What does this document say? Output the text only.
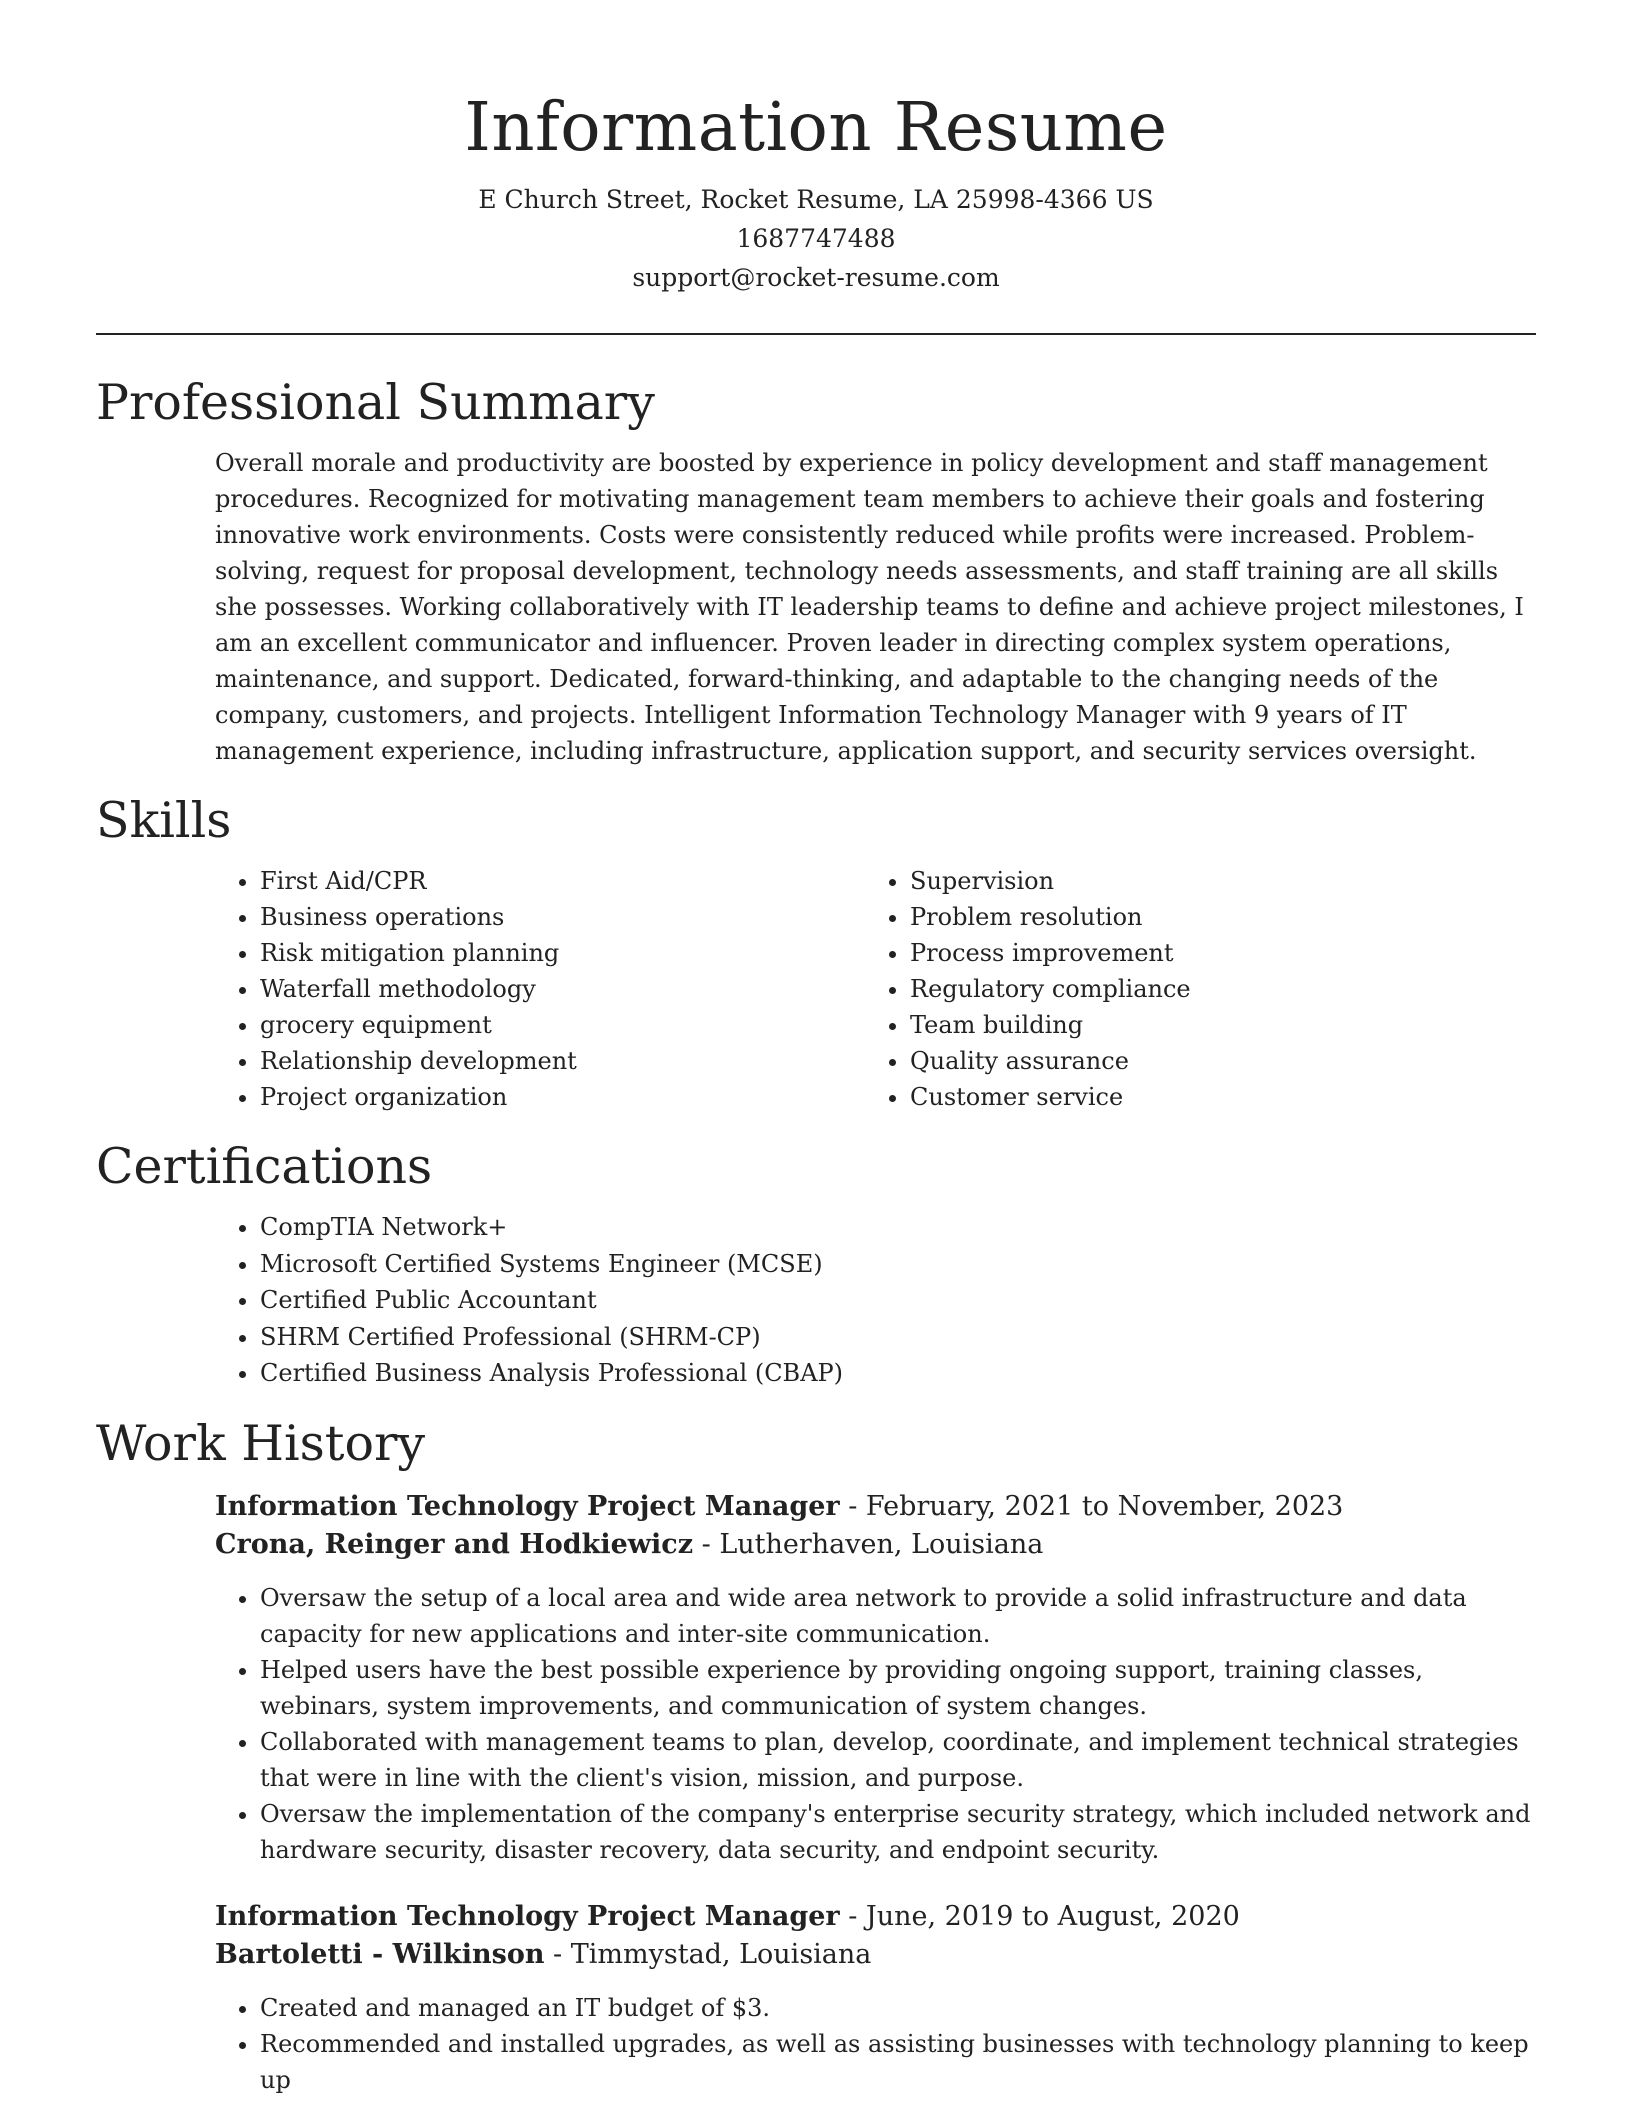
Information Resume
E Church Street, Rocket Resume, LA 25998-4366 US
1687747488
support@rocket-resume.com
Professional Summary

Overall morale and productivity are boosted by experience in policy development and staff management procedures. Recognized for motivating management team members to achieve their goals and fostering innovative work environments. Costs were consistently reduced while profits were increased. Problem-solving, request for proposal development, technology needs assessments, and staff training are all skills she possesses. Working collaboratively with IT leadership teams to define and achieve project milestones, I am an excellent communicator and influencer. Proven leader in directing complex system operations, maintenance, and support. Dedicated, forward-thinking, and adaptable to the changing needs of the company, customers, and projects. Intelligent Information Technology Manager with 9 years of IT management experience, including infrastructure, application support, and security services oversight.

Skills
• First Aid/CPR
• Business operations
• Risk mitigation planning
• Waterfall methodology
• grocery equipment
• Relationship development
• Project organization
• Supervision
• Problem resolution
• Process improvement
• Regulatory compliance
• Team building
• Quality assurance
• Customer service
Certifications
• CompTIA Network+
• Microsoft Certified Systems Engineer (MCSE)
• Certified Public Accountant
• SHRM Certified Professional (SHRM-CP)
• Certified Business Analysis Professional (CBAP)
Work History
Information Technology Project Manager - February, 2021 to November, 2023
Crona, Reinger and Hodkiewicz - Lutherhaven, Louisiana
• Oversaw the setup of a local area and wide area network to provide a solid infrastructure and data capacity for new applications and inter-site communication.
• Helped users have the best possible experience by providing ongoing support, training classes, webinars, system improvements, and communication of system changes.
• Collaborated with management teams to plan, develop, coordinate, and implement technical strategies that were in line with the client's vision, mission, and purpose.
• Oversaw the implementation of the company's enterprise security strategy, which included network and hardware security, disaster recovery, data security, and endpoint security.
Information Technology Project Manager - June, 2019 to August, 2020
Bartoletti - Wilkinson - Timmystad, Louisiana
• Created and managed an IT budget of $3.
• Recommended and installed upgrades, as well as assisting businesses with technology planning to keep up
